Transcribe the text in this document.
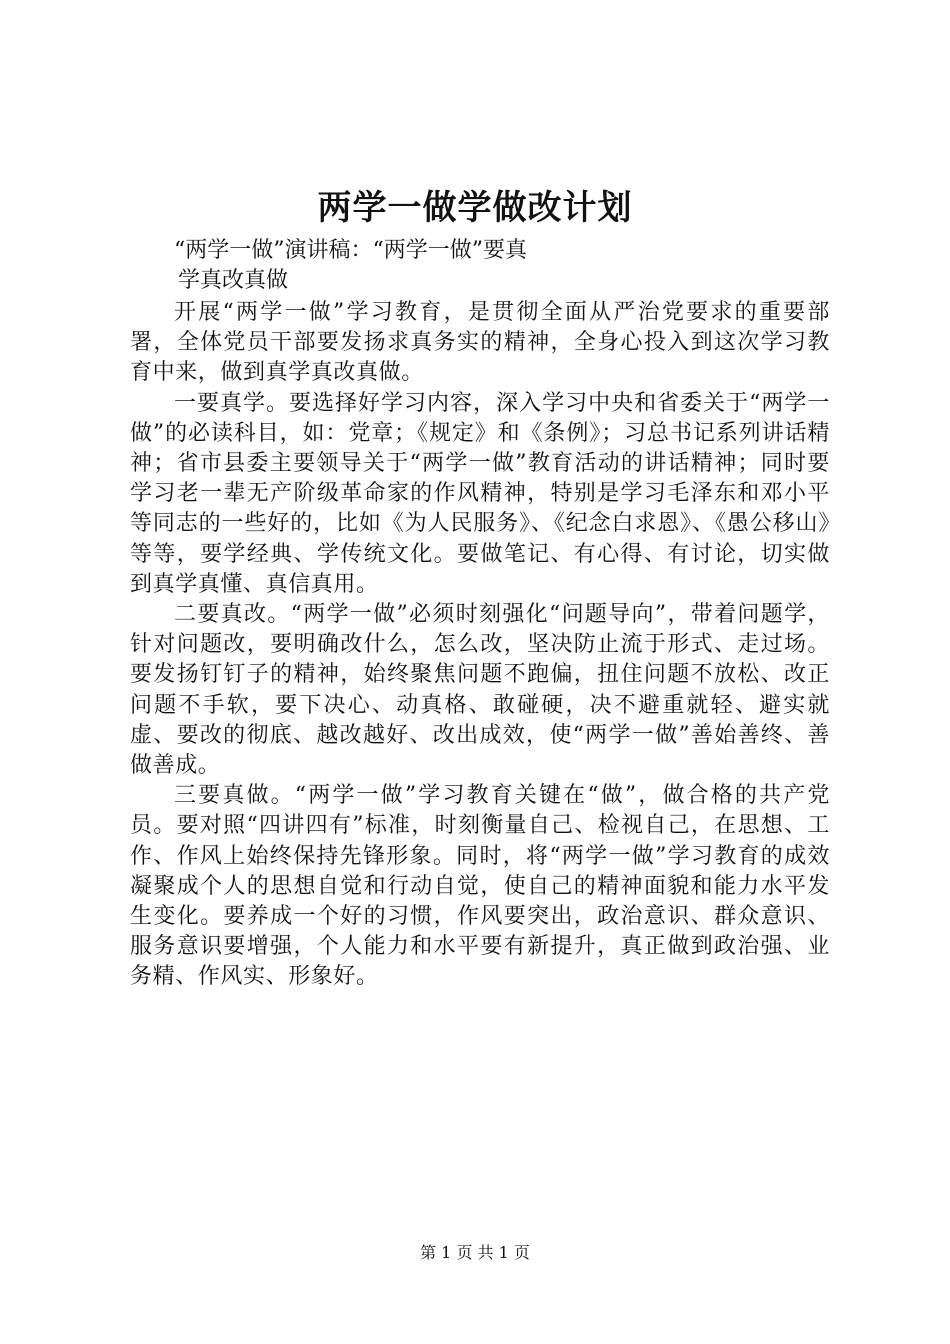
两学一做学做改计划
“两学一做”演讲稿：“两学一做”要真
学真改真做

开展“两学一做”学习教育，是贯彻全面从严治党要求的重要部署，全体党员干部要发扬求真务实的精神，全身心投入到这次学习教育中来，做到真学真改真做。

一要真学。要选择好学习内容，深入学习中央和省委关于“两学一做”的必读科目，如：党章；《规定》和《条例》；习总书记系列讲话精神；省市县委主要领导关于“两学一做”教育活动的讲话精神；同时要学习老一辈无产阶级革命家的作风精神，特别是学习毛泽东和邓小平等同志的一些好的，比如《为人民服务》、《纪念白求恩》、《愚公移山》等等，要学经典、学传统文化。要做笔记、有心得、有讨论，切实做到真学真懂、真信真用。

二要真改。“两学一做”必须时刻强化“问题导向”，带着问题学，针对问题改，要明确改什么，怎么改，坚决防止流于形式、走过场。要发扬钉钉子的精神，始终聚焦问题不跑偏，扭住问题不放松、改正问题不手软，要下决心、动真格、敢碰硬，决不避重就轻、避实就虚、要改的彻底、越改越好、改出成效，使“两学一做”善始善终、善做善成。

三要真做。“两学一做”学习教育关键在“做”，做合格的共产党员。要对照“四讲四有”标准，时刻衡量自己、检视自己，在思想、工作、作风上始终保持先锋形象。同时，将“两学一做”学习教育的成效凝聚成个人的思想自觉和行动自觉，使自己的精神面貌和能力水平发生变化。要养成一个好的习惯，作风要突出，政治意识、群众意识、服务意识要增强，个人能力和水平要有新提升，真正做到政治强、业务精、作风实、形象好。

第 1 页 共 1 页
